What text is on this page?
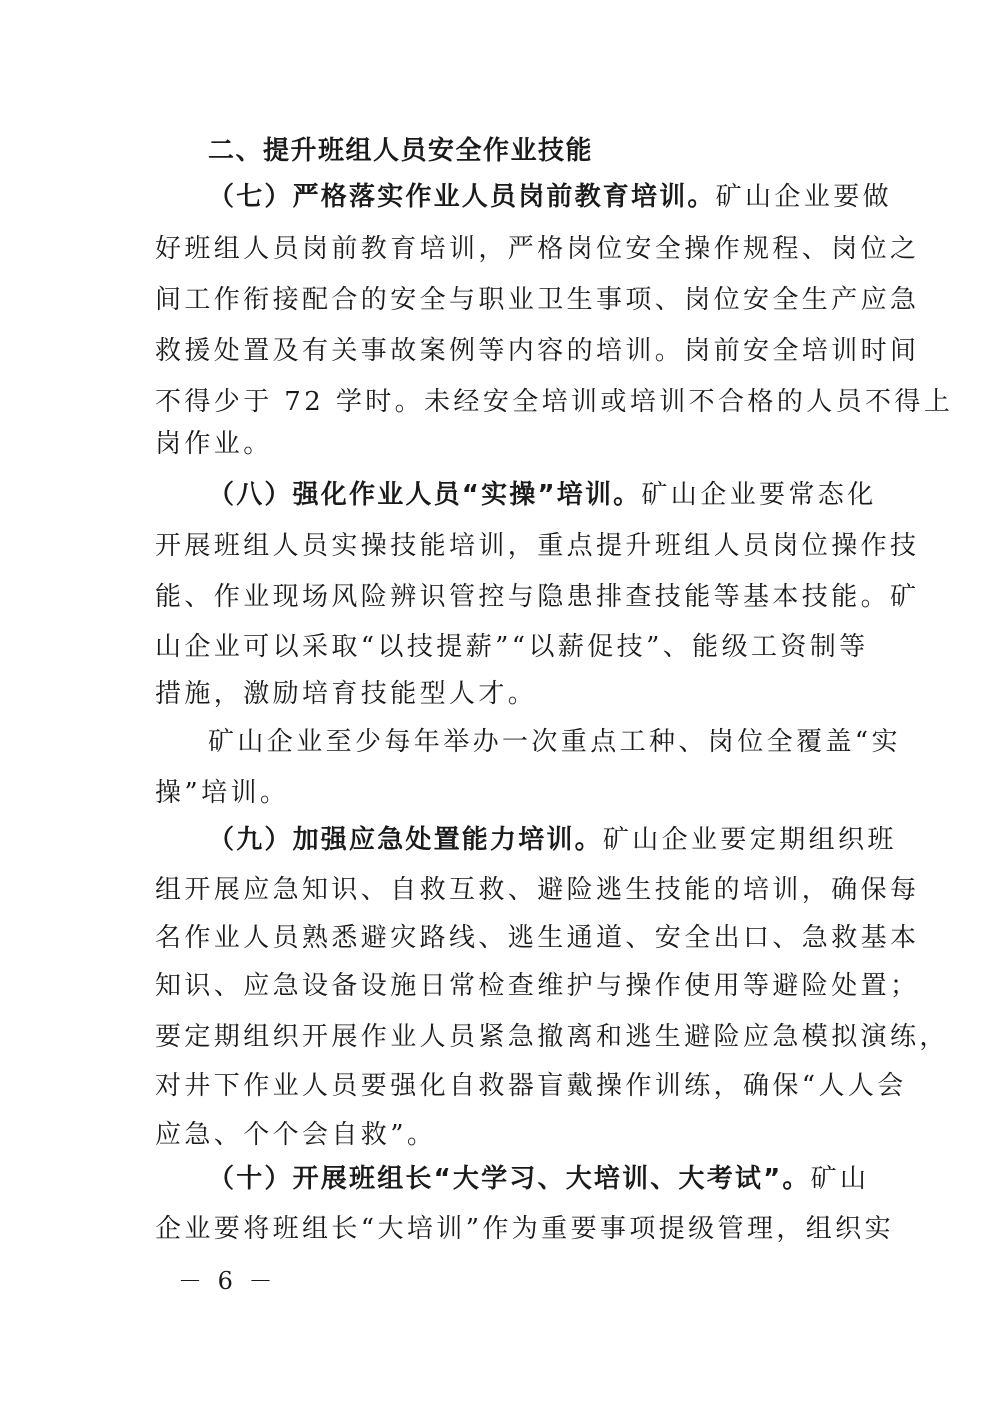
二、提升班组人员安全作业技能
（七）严格落实作业人员岗前教育培训。矿山企业要做
好班组人员岗前教育培训，严格岗位安全操作规程、岗位之
间工作衔接配合的安全与职业卫生事项、岗位安全生产应急
救援处置及有关事故案例等内容的培训。岗前安全培训时间
不得少于 72 学时。未经安全培训或培训不合格的人员不得上
岗作业。
（八）强化作业人员“实操”培训。矿山企业要常态化
开展班组人员实操技能培训，重点提升班组人员岗位操作技
能、作业现场风险辨识管控与隐患排查技能等基本技能。矿
山企业可以采取“以技提薪”“以薪促技”、能级工资制等
措施，激励培育技能型人才。
矿山企业至少每年举办一次重点工种、岗位全覆盖“实
操”培训。
（九）加强应急处置能力培训。矿山企业要定期组织班
组开展应急知识、自救互救、避险逃生技能的培训，确保每
名作业人员熟悉避灾路线、逃生通道、安全出口、急救基本
知识、应急设备设施日常检查维护与操作使用等避险处置；
要定期组织开展作业人员紧急撤离和逃生避险应急模拟演练，
对井下作业人员要强化自救器盲戴操作训练，确保“人人会
应急、个个会自救”。
（十）开展班组长“大学习、大培训、大考试”。矿山
企业要将班组长“大培训”作为重要事项提级管理，组织实
－ 6 －
